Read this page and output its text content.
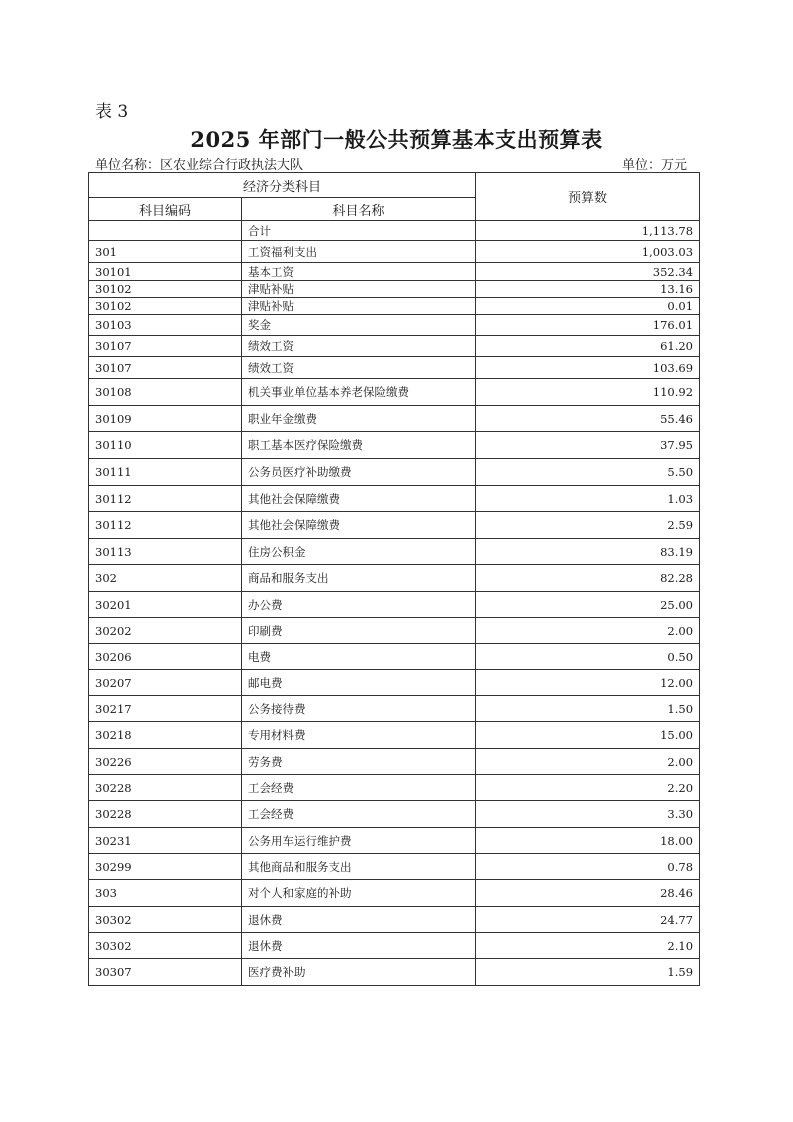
表 3
2025 年部门一般公共预算基本支出预算表
单位名称：区农业综合行政执法大队	单位：万元
经济分类科目		预算数
科目编码	科目名称	
	合计	1,113.78
301	工资福利支出	1,003.03
30101	基本工资	352.34
30102	津贴补贴	13.16
30102	津贴补贴	0.01
30103	奖金	176.01
30107	绩效工资	61.20
30107	绩效工资	103.69
30108	机关事业单位基本养老保险缴费	110.92
30109	职业年金缴费	55.46
30110	职工基本医疗保险缴费	37.95
30111	公务员医疗补助缴费	5.50
30112	其他社会保障缴费	1.03
30112	其他社会保障缴费	2.59
30113	住房公积金	83.19
302	商品和服务支出	82.28
30201	办公费	25.00
30202	印刷费	2.00
30206	电费	0.50
30207	邮电费	12.00
30217	公务接待费	1.50
30218	专用材料费	15.00
30226	劳务费	2.00
30228	工会经费	2.20
30228	工会经费	3.30
30231	公务用车运行维护费	18.00
30299	其他商品和服务支出	0.78
303	对个人和家庭的补助	28.46
30302	退休费	24.77
30302	退休费	2.10
30307	医疗费补助	1.59
